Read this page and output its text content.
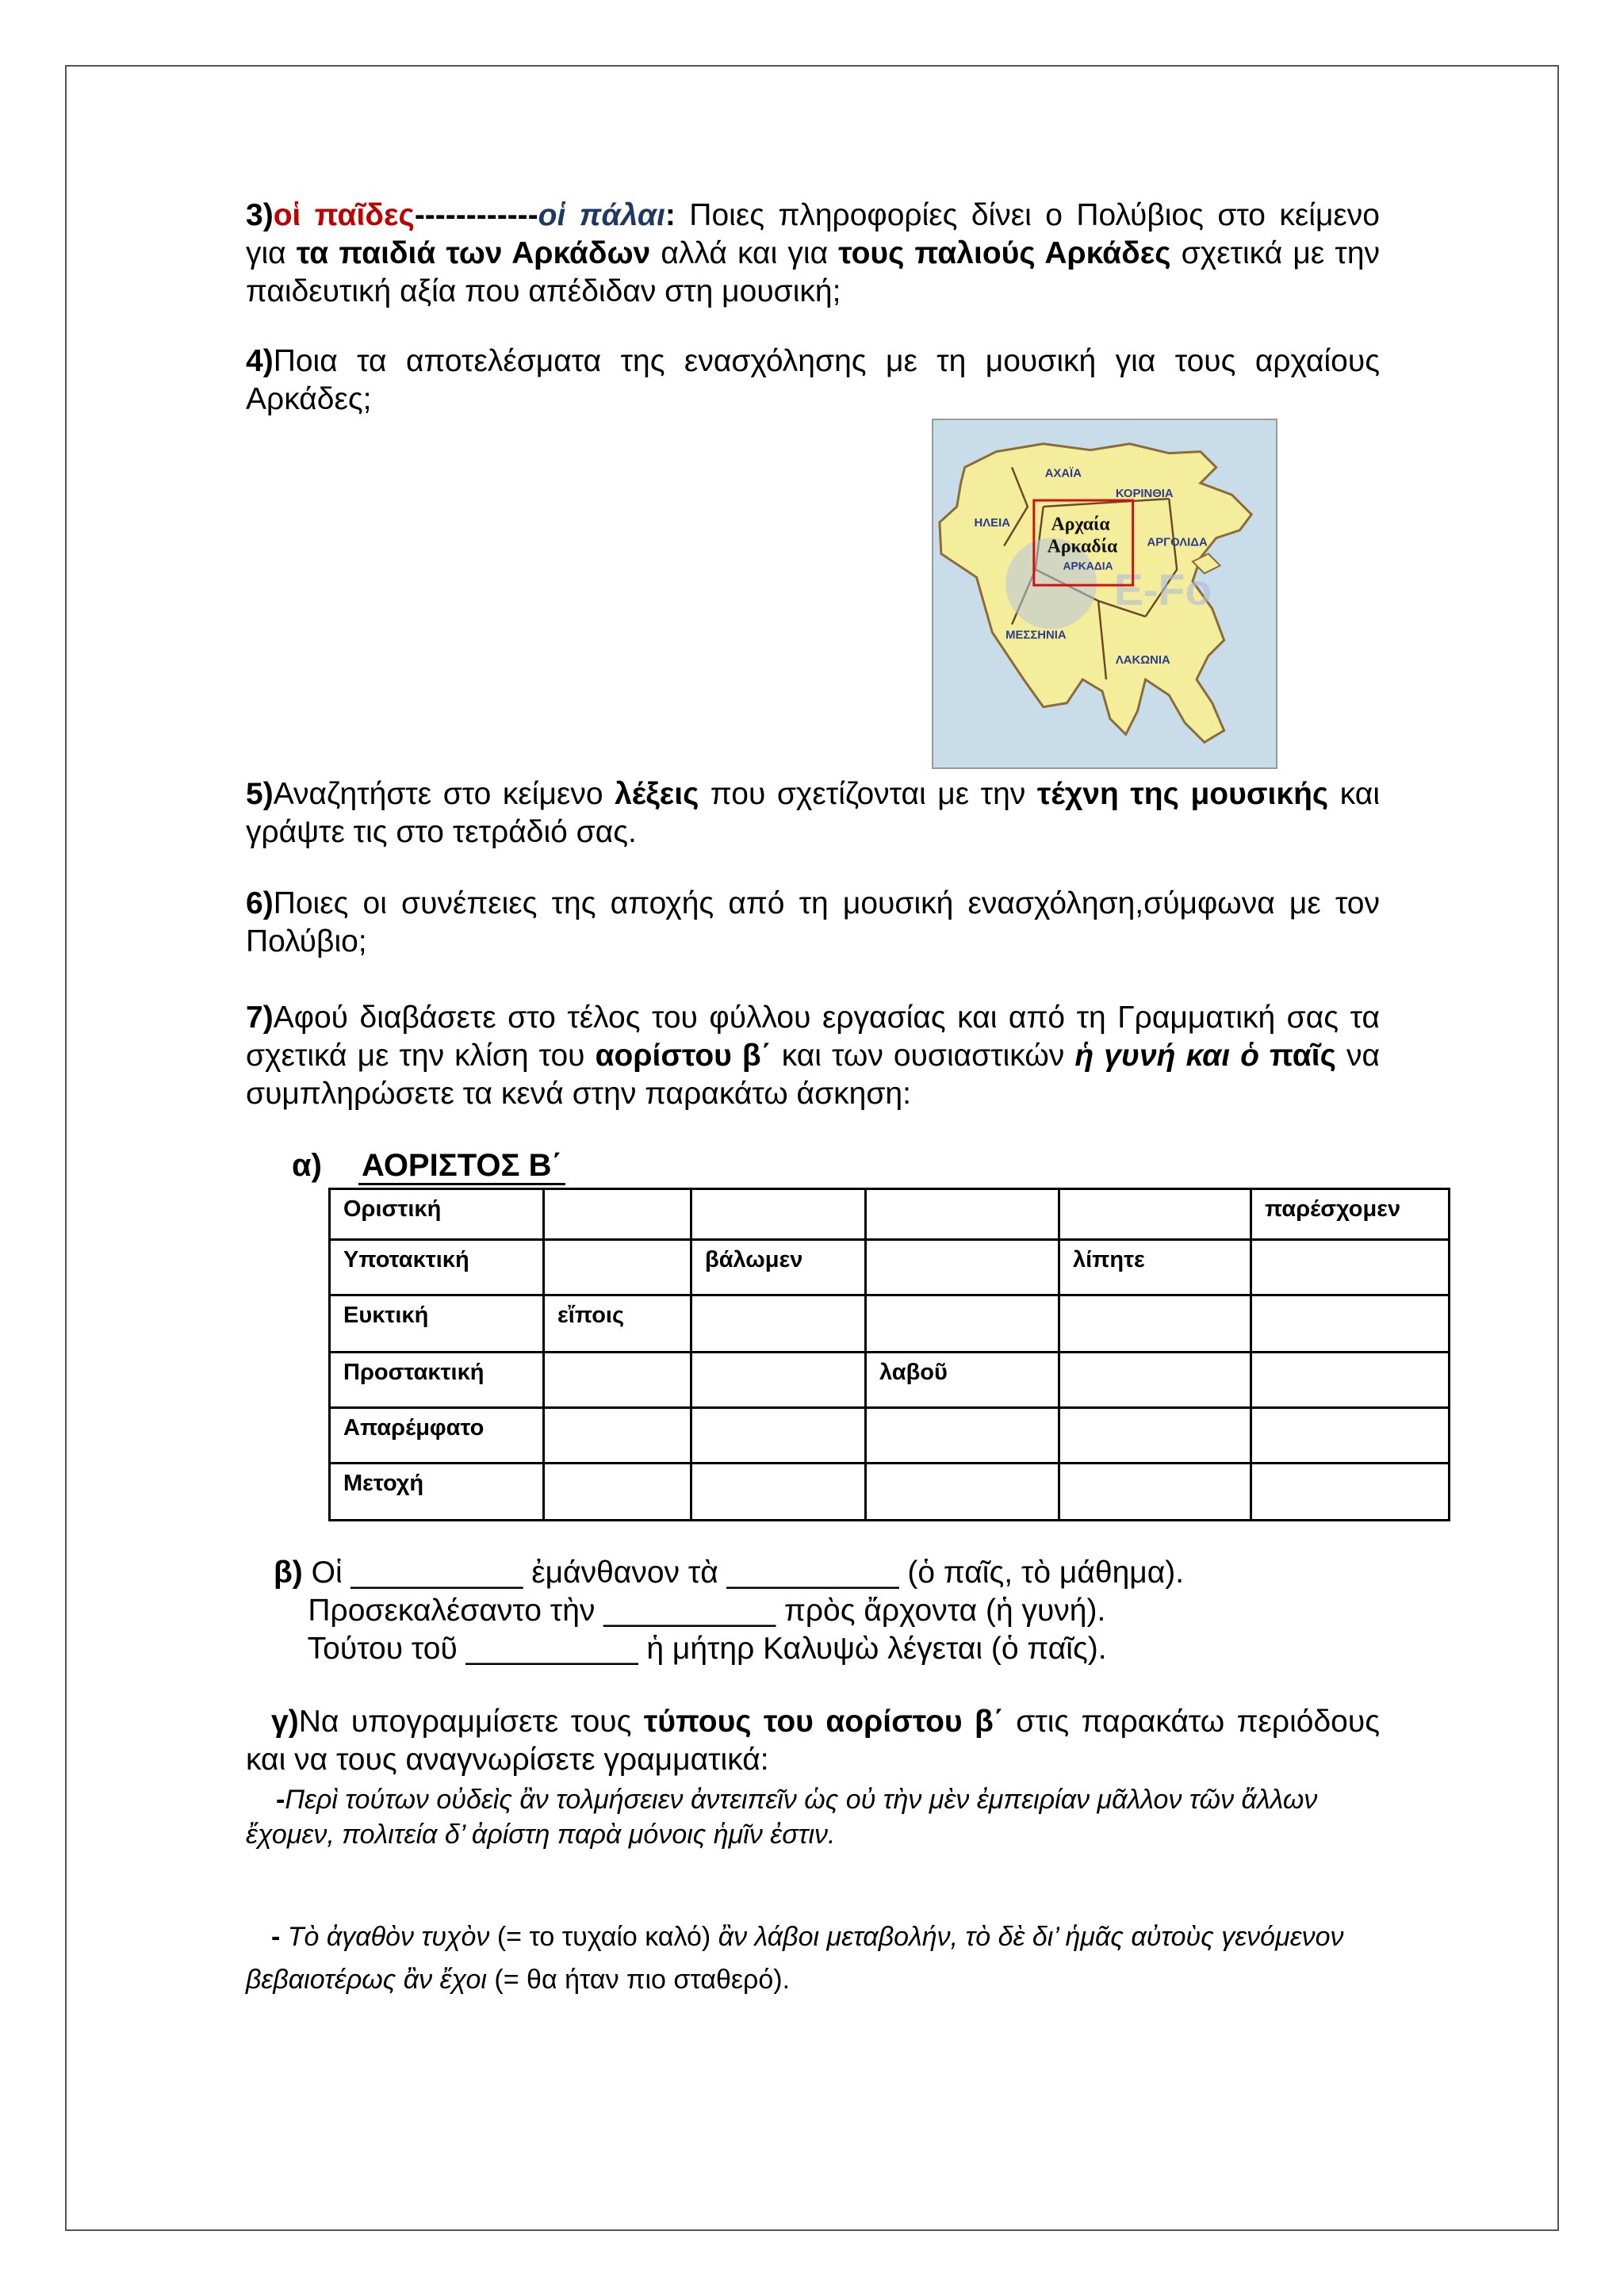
3)οἱ παῖδες------------οἱ πάλαι: Ποιες πληροφορίες δίνει ο Πολύβιος στο κείμενο για τα παιδιά των Αρκάδων αλλά και για τους παλιούς Αρκάδες σχετικά με την παιδευτική αξία που απέδιδαν στη μουσική;

4)Ποια τα αποτελέσματα της ενασχόλησης με τη μουσική για τους αρχαίους Αρκάδες;

E-Fo
ΑΧΑΪΑ
ΚΟΡΙΝΘΙΑ
ΗΛΕΙΑ Αρχαία
Αρκαδία
ΑΡΚΑΔΙΑ
ΑΡΓΟΛΙΔΑ
ΜΕΣΣΗΝΙΑ
ΛΑΚΩΝΙΑ

5)Αναζητήστε στο κείμενο λέξεις που σχετίζονται με την τέχνη της μουσικής και γράψτε τις στο τετράδιό σας.

6)Ποιες οι συνέπειες της αποχής από τη μουσική ενασχόληση,σύμφωνα με τον Πολύβιο;

7)Αφού διαβάσετε στο τέλος του φύλλου εργασίας και από τη Γραμματική σας τα σχετικά με την κλίση του αορίστου β΄ και των ουσιαστικών ἡ γυνή και ὁ παῖς να συμπληρώσετε τα κενά στην παρακάτω άσκηση:

α) ΑΟΡΙΣΤΟΣ Β΄
Οριστική					παρέσχομεν
Υποτακτική		βάλωμεν		λίπητε	
Ευκτική	εἴποις				
Προστακτική			λαβοῦ		
Απαρέμφατο					
Μετοχή					
β) Οἱ __________ ἐμάνθανον τὰ __________ (ὁ παῖς, τὸ μάθημα).
Προσεκαλέσαντο τὴν __________ πρὸς ἄρχοντα (ἡ γυνή).
Τούτου τοῦ __________ ἡ μήτηρ Καλυψὼ λέγεται (ὁ παῖς).

γ)Να υπογραμμίσετε τους τύπους του αορίστου β΄ στις παρακάτω περιόδους και να τους αναγνωρίσετε γραμματικά:

-Περὶ τούτων οὐδεὶς ἂν τολμήσειεν ἀντειπεῖν ὡς οὐ τὴν μὲν ἐμπειρίαν μᾶλλον τῶν ἄλλων ἔχομεν, πολιτεία δ’ ἀρίστη παρὰ μόνοις ἡμῖν ἐστιν.

- Τὸ ἀγαθὸν τυχὸν (= το τυχαίο καλό) ἂν λάβοι μεταβολήν, τὸ δὲ δι’ ἡμᾶς αὐτοὺς γενόμενον βεβαιοτέρως ἂν ἔχοι (= θα ήταν πιο σταθερό).
